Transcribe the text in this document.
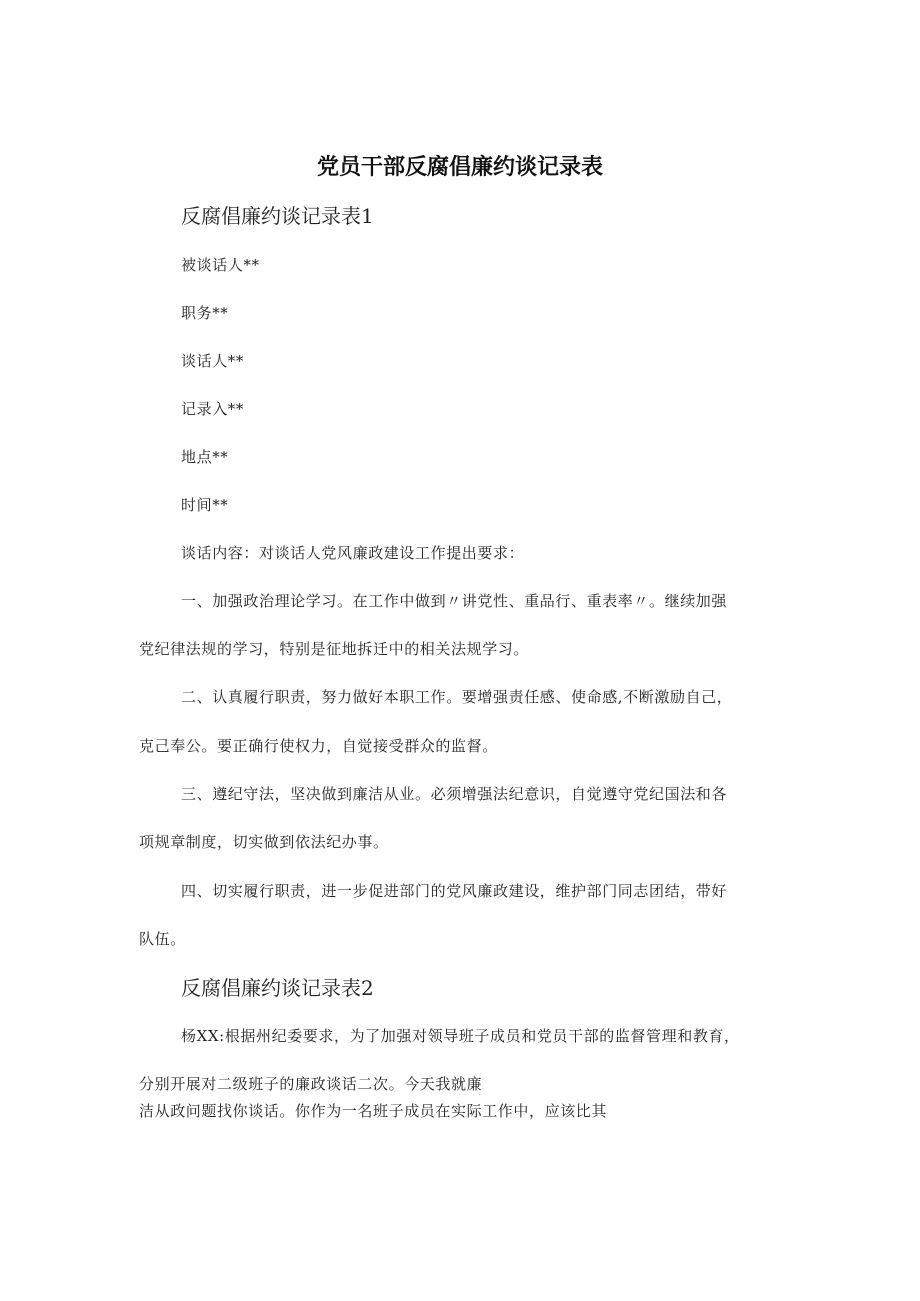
党员干部反腐倡廉约谈记录表
反腐倡廉约谈记录表1

被谈话人**

职务**

谈话人**

记录入**

地点**

时间**

谈话内容：对谈话人党风廉政建设工作提出要求：

一、加强政治理论学习。在工作中做到〃讲党性、重品行、重表率〃。继续加强

党纪律法规的学习，特别是征地拆迁中的相关法规学习。

二、认真履行职责，努力做好本职工作。要增强责任感、使命感,不断激励自己，

克己奉公。要正确行使权力，自觉接受群众的监督。

三、遵纪守法，坚决做到廉洁从业。必须增强法纪意识，自觉遵守党纪国法和各

项规章制度，切实做到依法纪办事。

四、切实履行职责，进一步促进部门的党风廉政建设，维护部门同志团结，带好

队伍。

反腐倡廉约谈记录表2

杨XX:根据州纪委要求，为了加强对领导班子成员和党员干部的监督管理和教育，

分别开展对二级班子的廉政谈话二次。今天我就廉

洁从政问题找你谈话。你作为一名班子成员在实际工作中，应该比其
